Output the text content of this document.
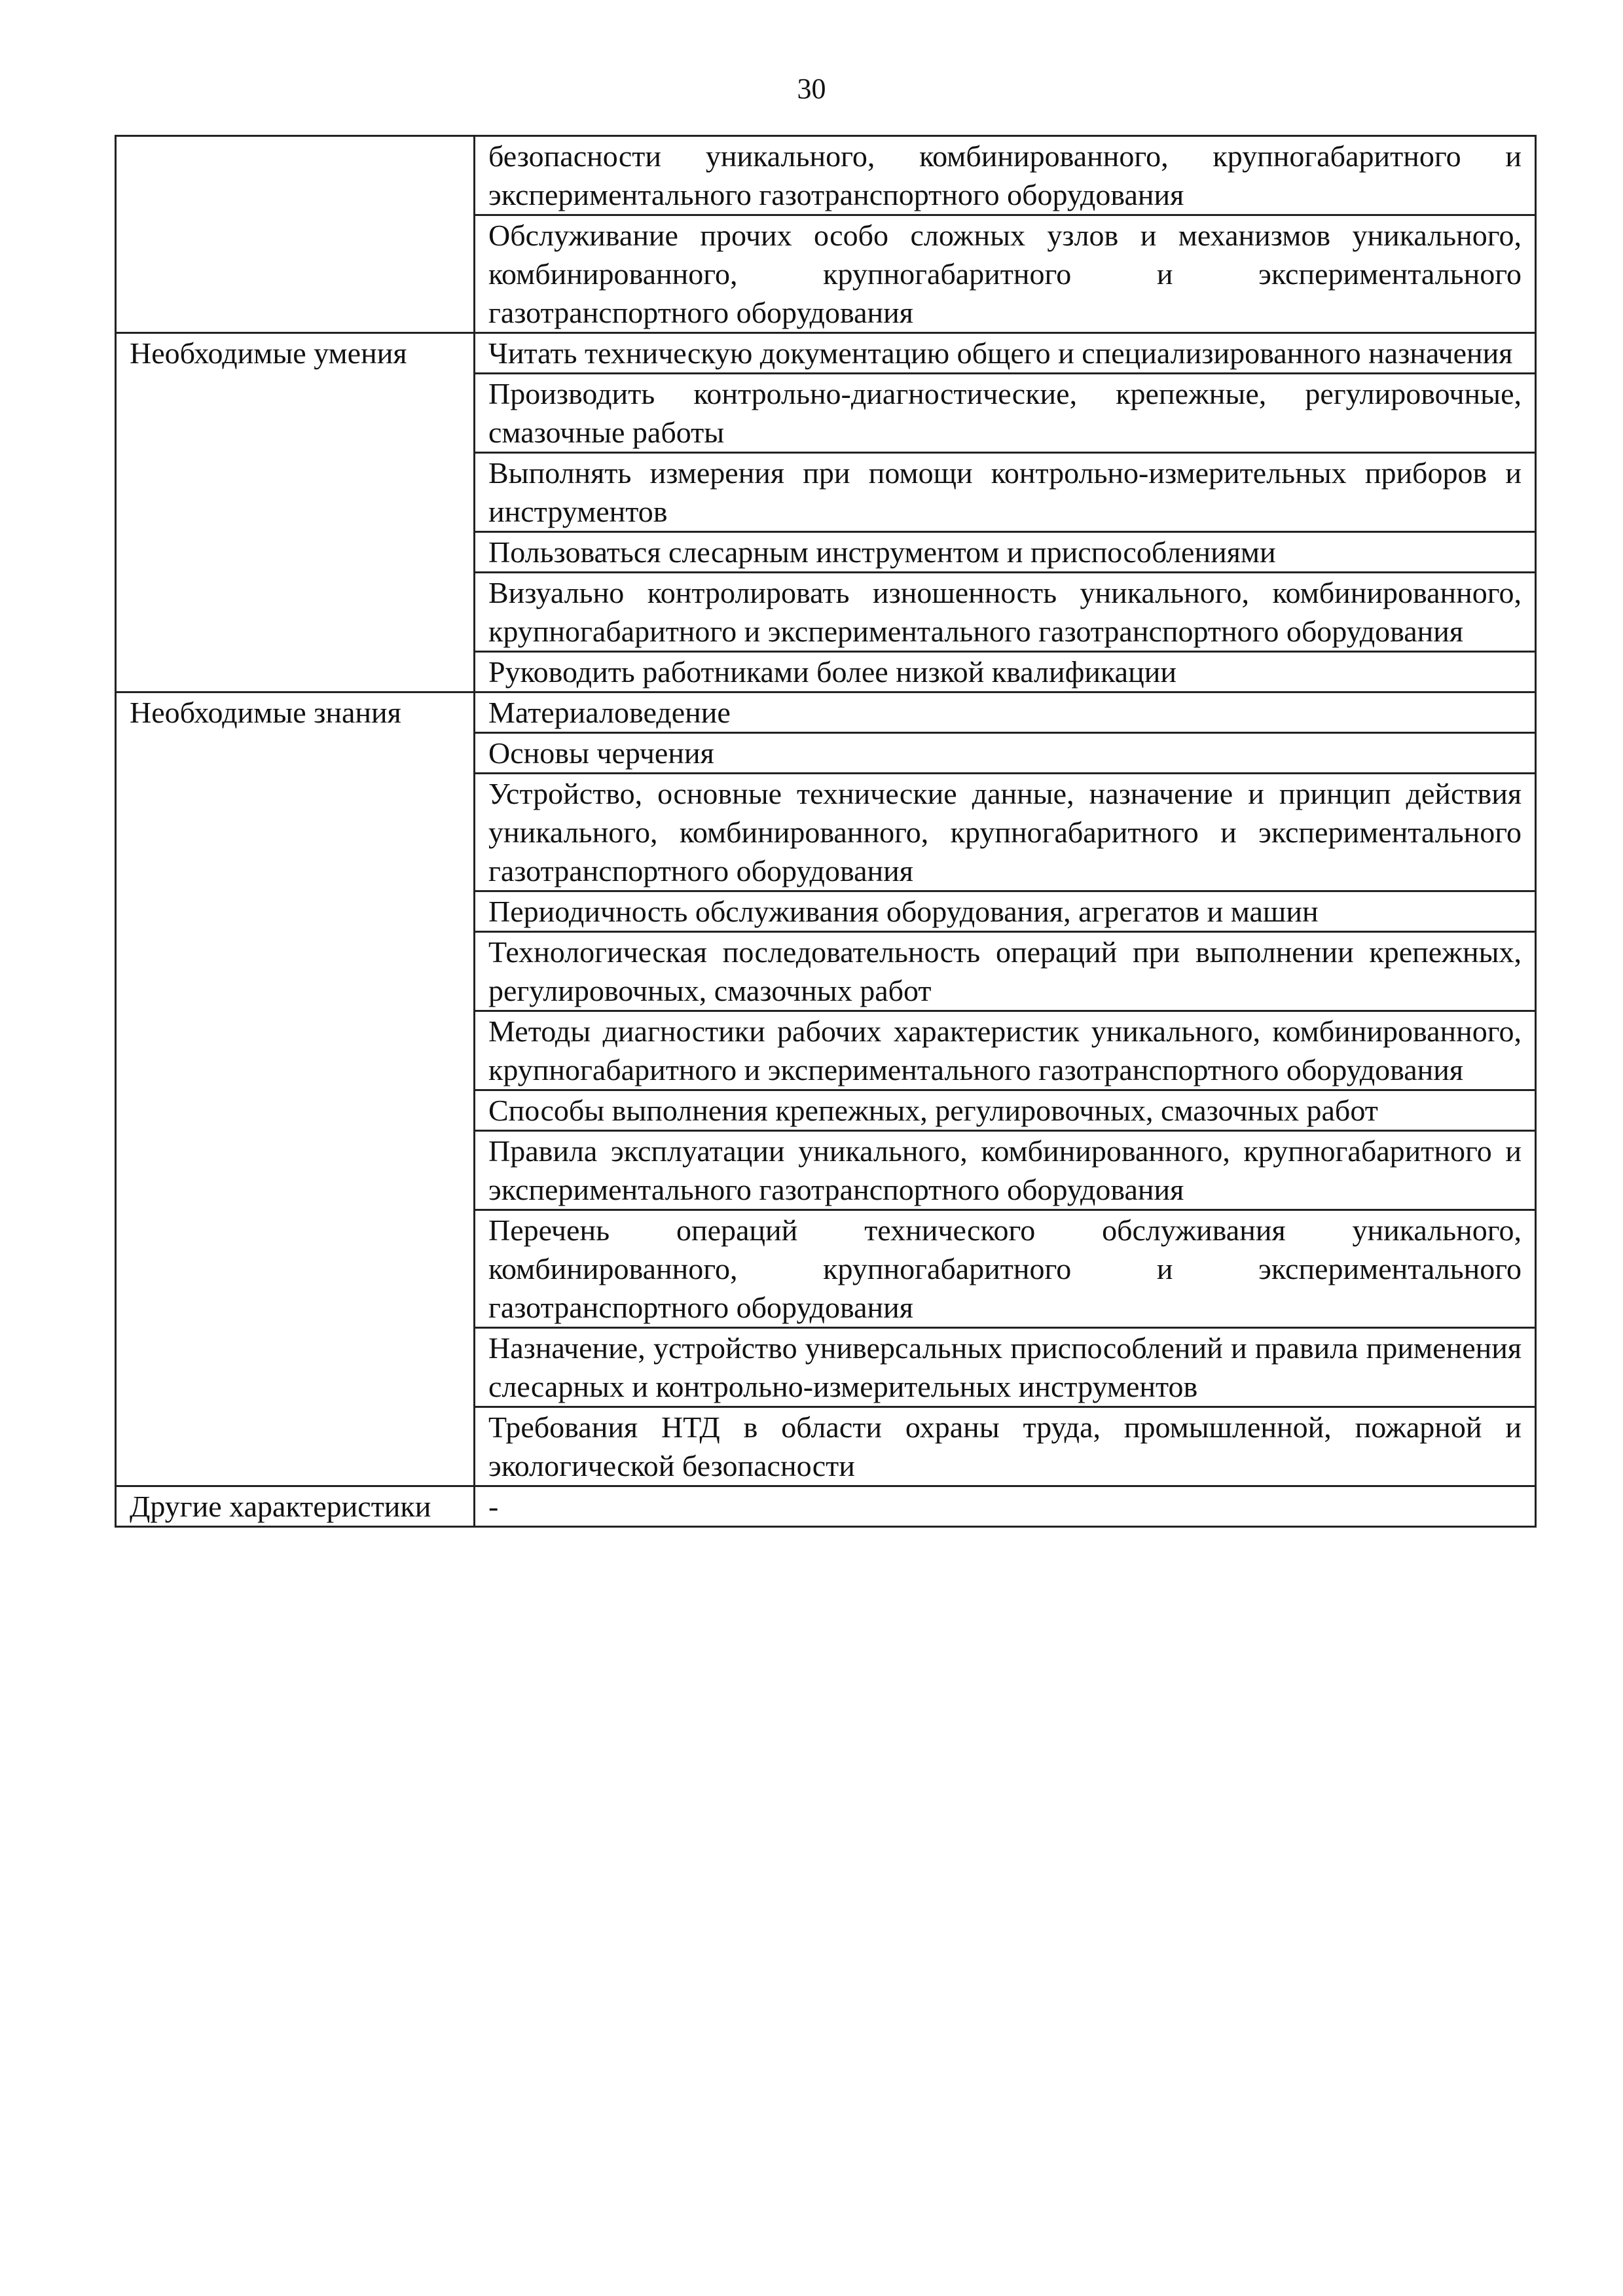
30
	безопасности уникального, комбинированного, крупногабаритного и экспериментального газотранспортного оборудования
	Обслуживание прочих особо сложных узлов и механизмов уникального, комбинированного, крупногабаритного и экспериментального газотранспортного оборудования
Необходимые умения	Читать техническую документацию общего и специализированного назначения
	Производить контрольно-диагностические, крепежные, регулировочные, смазочные работы
	Выполнять измерения при помощи контрольно-измерительных приборов и инструментов
	Пользоваться слесарным инструментом и приспособлениями
	Визуально контролировать изношенность уникального, комбинированного, крупногабаритного и экспериментального газотранспортного оборудования
	Руководить работниками более низкой квалификации
Необходимые знания	Материаловедение
	Основы черчения
	Устройство, основные технические данные, назначение и принцип действия уникального, комбинированного, крупногабаритного и экспериментального газотранспортного оборудования
	Периодичность обслуживания оборудования, агрегатов и машин
	Технологическая последовательность операций при выполнении крепежных, регулировочных, смазочных работ
	Методы диагностики рабочих характеристик уникального, комбинированного, крупногабаритного и экспериментального газотранспортного оборудования
	Способы выполнения крепежных, регулировочных, смазочных работ
	Правила эксплуатации уникального, комбинированного, крупногабаритного и экспериментального газотранспортного оборудования
	Перечень операций технического обслуживания уникального, комбинированного, крупногабаритного и экспериментального газотранспортного оборудования
	Назначение, устройство универсальных приспособлений и правила применения слесарных и контрольно-измерительных инструментов
	Требования НТД в области охраны труда, промышленной, пожарной и экологической безопасности
Другие характеристики	-
